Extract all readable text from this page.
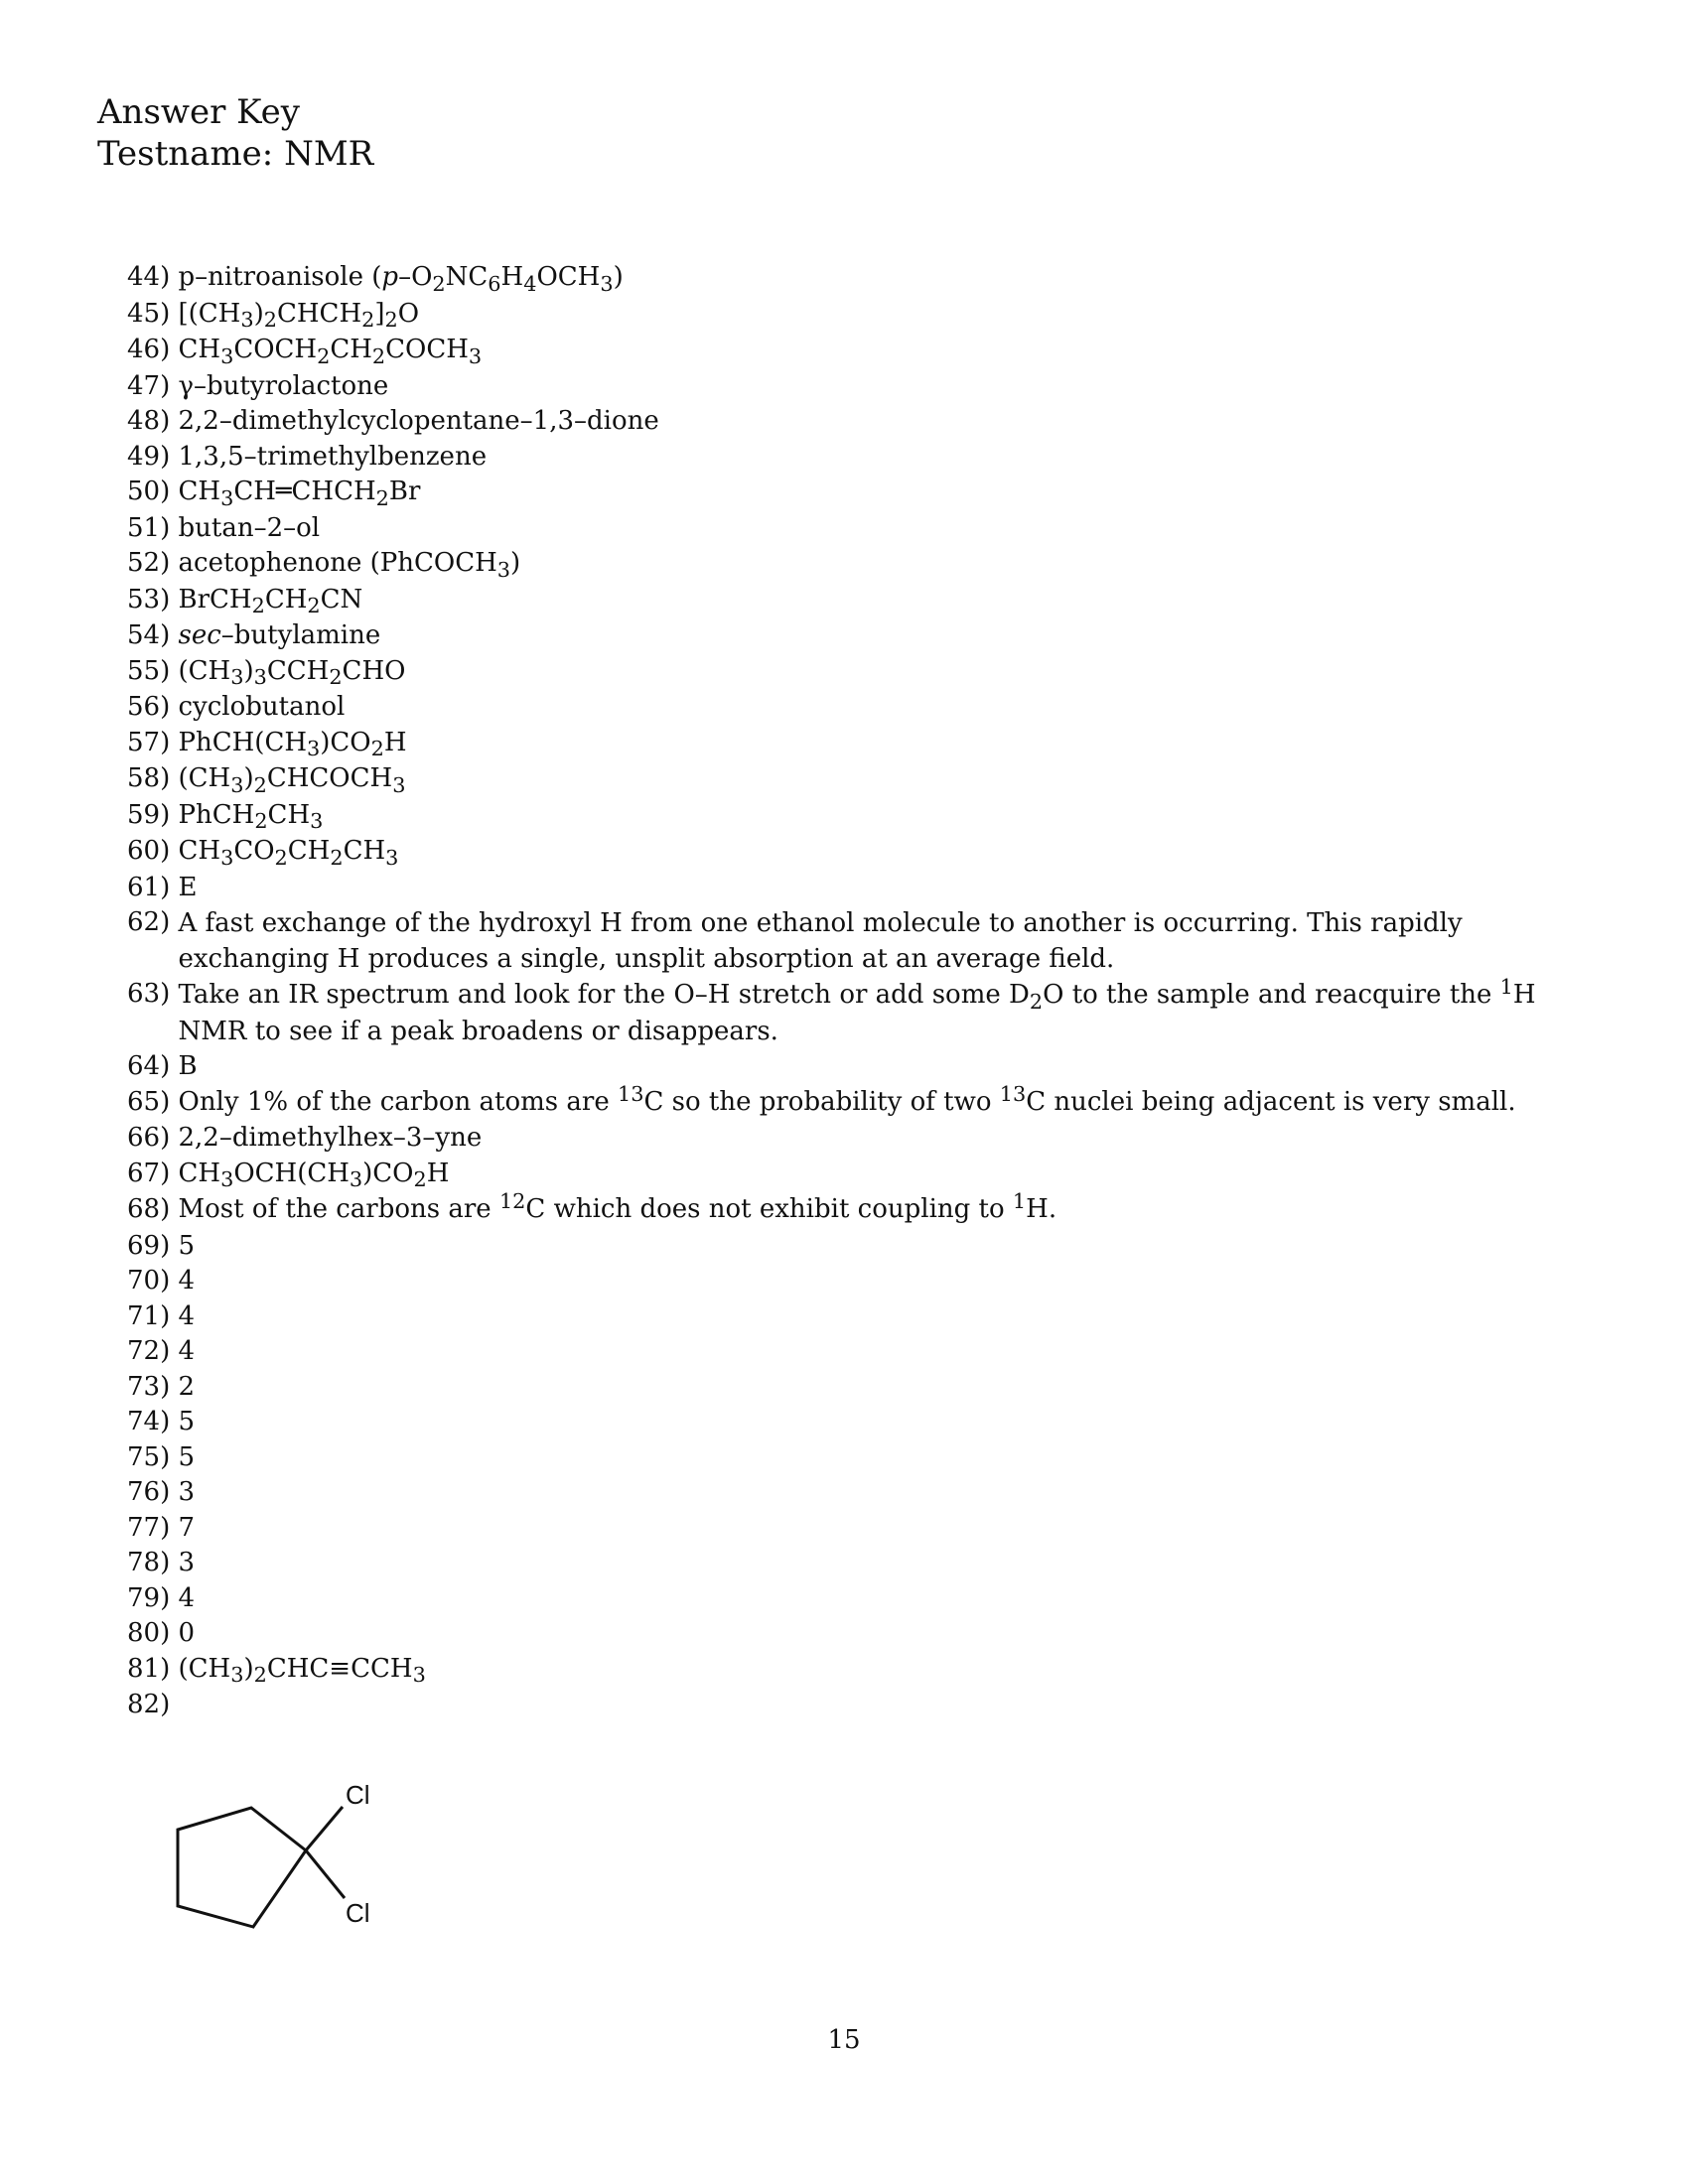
Answer Key
Testname: NMR
44) p–nitroanisole $(p-O_2NC_6H_4OCH_3)$
45) $[(CH_3)_2CHCH_2]_2O$
46) $CH_3COCH_2CH_2COCH_3$
47) γ–butyrolactone
48) 2,2–dimethylcyclopentane–1,3–dione
49) 1,3,5–trimethylbenzene
50) $CH_3CH═CHCH_2Br$
51) butan–2–ol
52) acetophenone (PhCOCH$_3$)
53) $BrCH_2CH_2CN$
54) sec–butylamine
55) $(CH_3)_3CCH_2CHO$
56) cyclobutanol
57) $PhCH(CH_3)CO_2H$
58) $(CH_3)_2CHCOCH_3$
59) $PhCH_2CH_3$
60) $CH_3CO_2CH_2CH_3$
61) E
62) A fast exchange of the hydroxyl H from one ethanol molecule to another is occurring. This rapidly exchanging H produces a single, unsplit absorption at an average field.
63) Take an IR spectrum and look for the O–H stretch or add some $D_2O$ to the sample and reacquire the $^1$H NMR to see if a peak broadens or disappears.
64) B
65) Only 1% of the carbon atoms are $^{13}$C so the probability of two $^{13}$C nuclei being adjacent is very small.
66) 2,2–dimethylhex–3–yne
67) $CH_3OCH(CH_3)CO_2H$
68) Most of the carbons are $^{12}$C which does not exhibit coupling to $^1$H.
69) 5
70) 4
71) 4
72) 4
73) 2
74) 5
75) 5
76) 3
77) 7
78) 3
79) 4
80) 0
81) $(CH_3)_2CHC\equiv CCH_3$
82)
Cl
Cl
15
